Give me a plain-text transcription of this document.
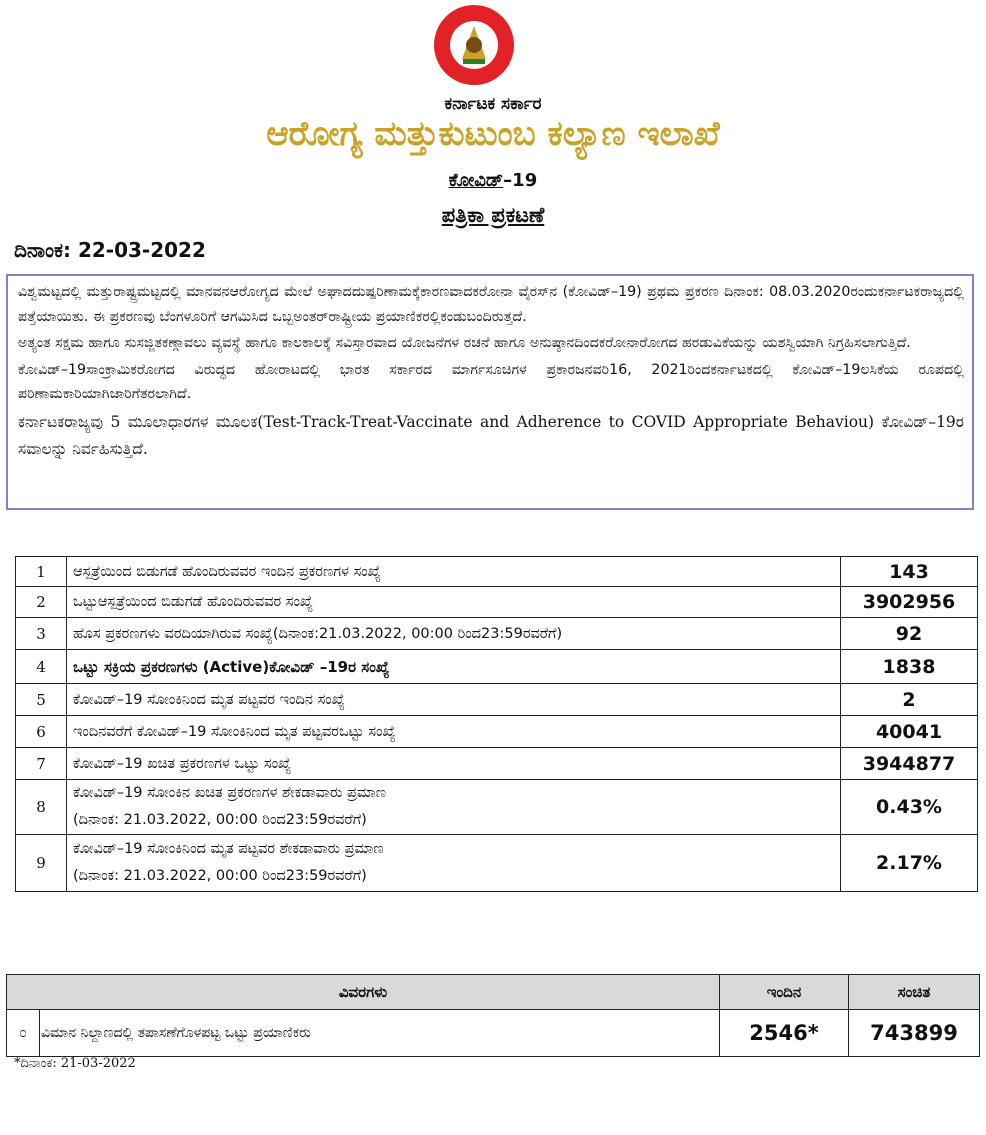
ಕರ್ನಾಟಕ ಸರ್ಕಾರ
ಆರೋಗ್ಯ ಮತ್ತುಕುಟುಂಬ ಕಲ್ಯಾಣ ಇಲಾಖೆ
ಕೋವಿಡ್–19
ಪತ್ರಿಕಾ ಪ್ರಕಟಣೆ
ದಿನಾಂಕ: 22-03-2022

ವಿಶ್ವಮಟ್ಟದಲ್ಲಿ ಮತ್ತುರಾಷ್ಟ್ರಮಟ್ಟದಲ್ಲಿ ಮಾನವನಆರೋಗ್ಯದ ಮೇಲೆ ಅಘಾದದುಷ್ಪರಿಣಾಮಕ್ಕೆಕಾರಣವಾದಕರೋನಾ ವೈರಸ್‌ನ (ಕೋವಿಡ್–19) ಪ್ರಥಮ ಪ್ರಕರಣ ದಿನಾಂಕ: 08.03.2020ರಂದುಕರ್ನಾಟಕರಾಜ್ಯದಲ್ಲಿ ಪತ್ತೆಯಾಯಿತು. ಈ ಪ್ರಕರಣವು ಬೆಂಗಳೂರಿಗೆ ಆಗಮಿಸಿದ ಒಬ್ಬಅಂತರ್‌ರಾಷ್ಟ್ರೀಯ ಪ್ರಯಾಣಿಕರಲ್ಲಿಕಂಡುಬಂದಿರುತ್ತದೆ.

ಅತ್ಯಂತ ಸಕ್ಷಮ ಹಾಗೂ ಸುಸಜ್ಜಿತಕಣ್ಗಾವಲು ವ್ಯವಸ್ಥೆ ಹಾಗೂ ಕಾಲಕಾಲಕ್ಕೆ ಸವಿಸ್ತಾರವಾದ ಯೋಜನೆಗಳ ರಚನೆ ಹಾಗೂ ಅನುಷ್ಠಾನದಿಂದಕರೋನಾರೋಗದ ಹರಡುವಿಕೆಯನ್ನು ಯಶಸ್ವಿಯಾಗಿ ನಿಗ್ರಹಿಸಲಾಗುತ್ತಿದೆ.

ಕೋವಿಡ್–19ಸಾಂಕ್ರಾಮಿಕರೋಗದ ವಿರುದ್ಧದ ಹೋರಾಟದಲ್ಲಿ ಭಾರತ ಸರ್ಕಾರದ ಮಾರ್ಗಸೂಚಿಗಳ ಪ್ರಕಾರಜನವರಿ16, 2021ರಿಂದಕರ್ನಾಟಕದಲ್ಲಿ ಕೋವಿಡ್–19ಲಸಿಕೆಯ ರೂಪದಲ್ಲಿ ಪರಿಣಾಮಕಾರಿಯಾಗಿಜಾರಿಗೆತರಲಾಗಿದೆ.

ಕರ್ನಾಟಕರಾಜ್ಯವು 5 ಮೂಲಾಧಾರಗಳ ಮೂಲಕ(Test-Track-Treat-Vaccinate and Adherence to COVID Appropriate Behaviou) ಕೋವಿಡ್–19ರ ಸವಾಲನ್ನು ನಿರ್ವಹಿಸುತ್ತಿದೆ.

1	ಆಸ್ಪತ್ರೆಯಿಂದ ಬಿಡುಗಡೆ ಹೊಂದಿರುವವರ ಇಂದಿನ ಪ್ರಕರಣಗಳ ಸಂಖ್ಯೆ	143
2	ಒಟ್ಟುಆಸ್ಪತ್ರೆಯಿಂದ ಬಿಡುಗಡೆ ಹೊಂದಿರುವವರ ಸಂಖ್ಯೆ	3902956
3	ಹೊಸ ಪ್ರಕರಣಗಳು ವರದಿಯಾಗಿರುವ ಸಂಖ್ಯೆ(ದಿನಾಂಕ:21.03.2022, 00:00 ರಿಂದ23:59ರವರೆಗೆ)	92
4	ಒಟ್ಟು ಸಕ್ರಿಯ ಪ್ರಕರಣಗಳು (Active)ಕೋವಿಡ್ –19ರ ಸಂಖ್ಯೆ	1838
5	ಕೋವಿಡ್–19 ಸೋಂಕಿನಿಂದ ಮೃತ ಪಟ್ಟವರ ಇಂದಿನ ಸಂಖ್ಯೆ	2
6	ಇಂದಿನವರೆಗೆ ಕೋವಿಡ್–19 ಸೋಂಕಿನಿಂದ ಮೃತ ಪಟ್ಟವರಒಟ್ಟು ಸಂಖ್ಯೆ	40041
7	ಕೋವಿಡ್–19 ಖಚಿತ ಪ್ರಕರಣಗಳ ಒಟ್ಟು ಸಂಖ್ಯೆ	3944877
8	ಕೋವಿಡ್–19 ಸೋಂಕಿನ ಖಚಿತ ಪ್ರಕರಣಗಳ ಶೇಕಡಾವಾರು ಪ್ರಮಾಣ
(ದಿನಾಂಕ: 21.03.2022, 00:00 ರಿಂದ23:59ರವರೆಗೆ)	0.43%
9	ಕೋವಿಡ್–19 ಸೋಂಕಿನಿಂದ ಮೃತ ಪಟ್ಟವರ ಶೇಕಡಾವಾರು ಪ್ರಮಾಣ
(ದಿನಾಂಕ: 21.03.2022, 00:00 ರಿಂದ23:59ರವರೆಗೆ)	2.17%
ವಿವರಗಳು		ಇಂದಿನ	ಸಂಚಿತ
೦	ವಿಮಾನ ನಿಲ್ದಾಣದಲ್ಲಿ ತಪಾಸಣೆಗೊಳಪಟ್ಟ ಒಟ್ಟು ಪ್ರಯಾಣಿಕರು	2546*	743899
*ದಿನಾಂಕ: 21-03-2022
